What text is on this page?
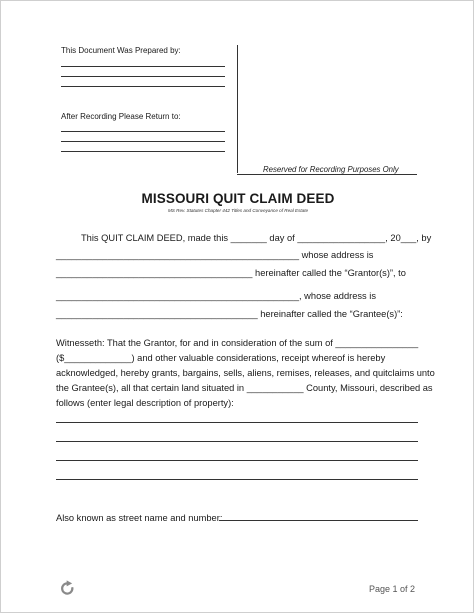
This Document Was Prepared by:
After Recording Please Return to:
Reserved for Recording Purposes Only
MISSOURI QUIT CLAIM DEED
MS Rev. Statutes Chapter 442 Titles and Conveyance of Real Estate
This QUIT CLAIM DEED, made this _______ day of _________________, 20___, by
_______________________________________________ whose address is
______________________________________ hereinafter called the “Grantor(s)”, to
_______________________________________________, whose address is
_______________________________________ hereinafter called the “Grantee(s)”:
Witnesseth: That the Grantor, for and in consideration of the sum of ________________
($_____________) and other valuable considerations, receipt whereof is hereby
acknowledged, hereby grants, bargains, sells, aliens, remises, releases, and quitclaims unto
the Grantee(s), all that certain land situated in ___________ County, Missouri, described as
follows (enter legal description of property):
Also known as street name and number:
Page 1 of 2
